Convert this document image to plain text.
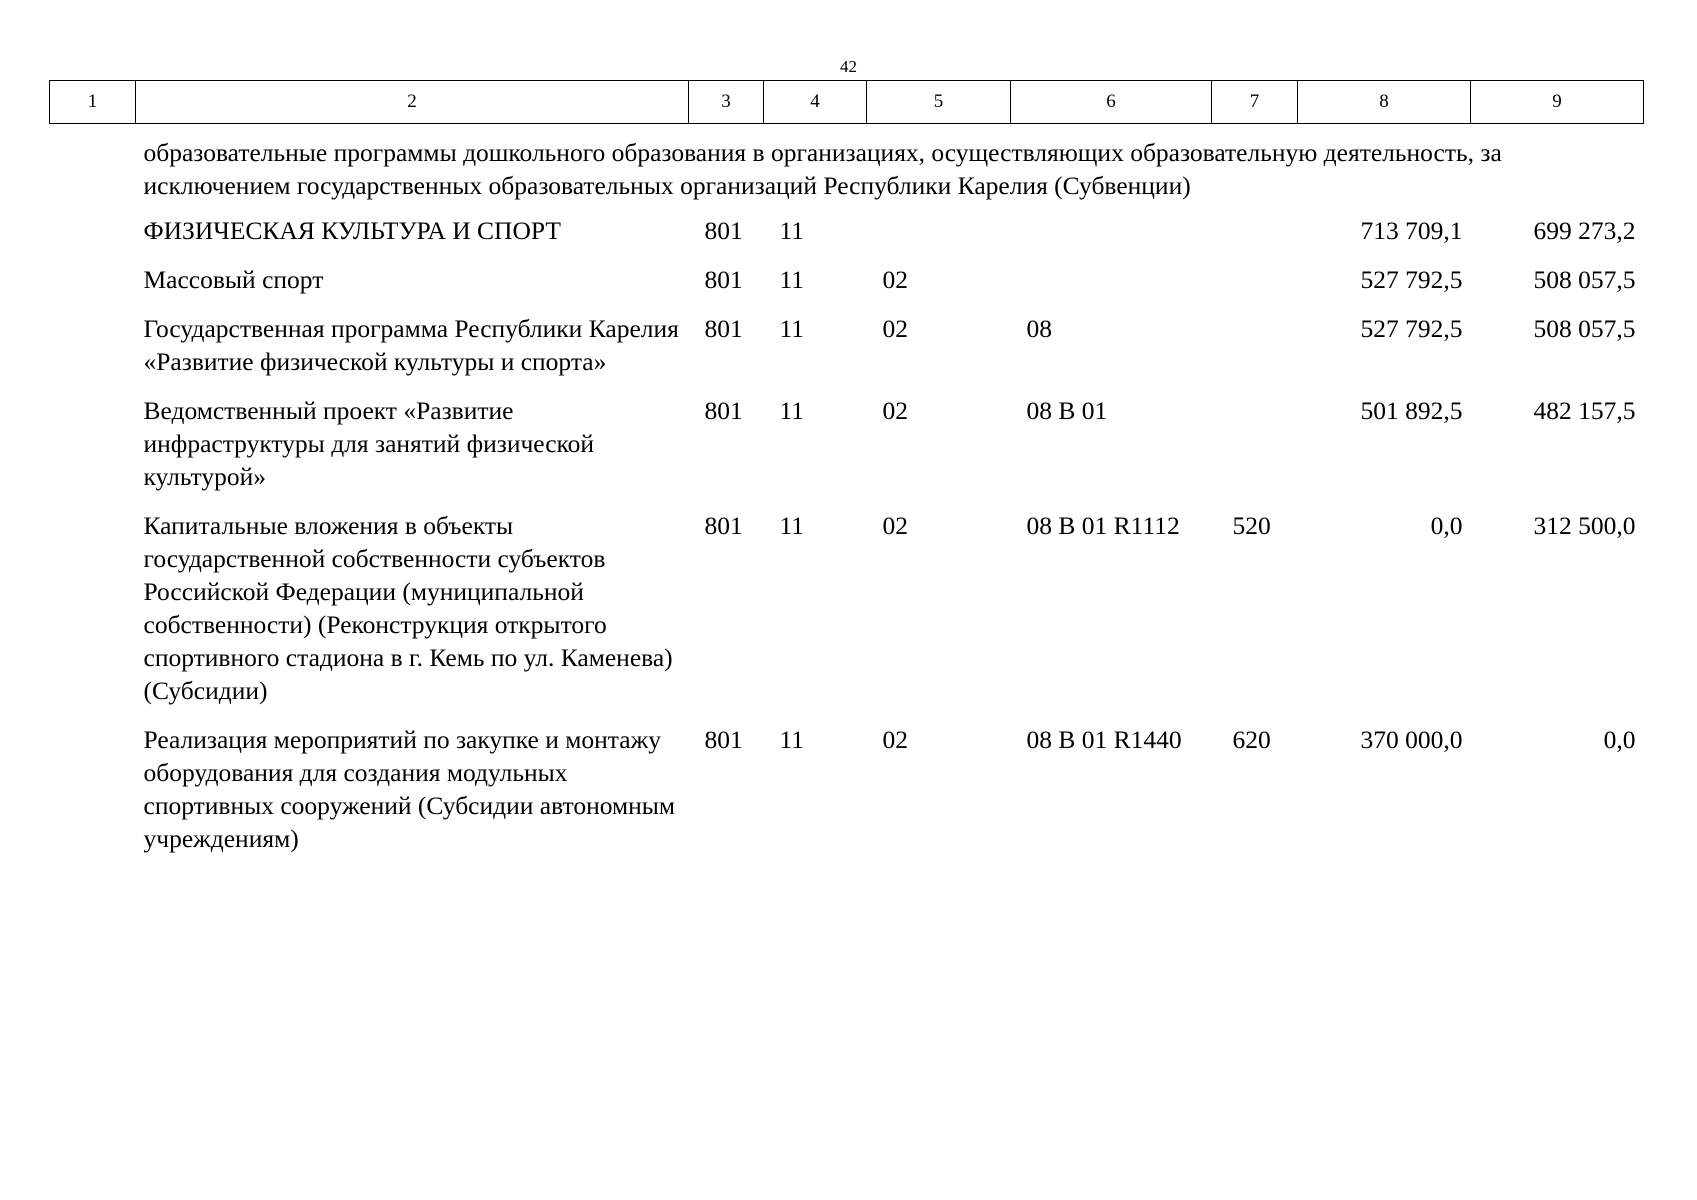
42
1	2	3	4	5	6	7	8	9
	образовательные программы дошкольного образования в организациях, осуществляющих образовательную деятельность, за исключением государственных образовательных организаций Республики Карелия (Субвенции)							
	ФИЗИЧЕСКАЯ КУЛЬТУРА И СПОРТ	801	11				713 709,1	699 273,2
	Массовый спорт	801	11	02			527 792,5	508 057,5
	Государственная программа Республики Карелия «Развитие физической культуры и спорта»	801	11	02	08		527 792,5	508 057,5
	Ведомственный проект «Развитие инфраструктуры для занятий физической культурой»	801	11	02	08 В 01		501 892,5	482 157,5
	Капитальные вложения в объекты государственной собственности субъектов Российской Федерации (муниципальной собственности) (Реконструкция открытого спортивного стадиона в г. Кемь по ул. Каменева) (Субсидии)	801	11	02	08 В 01 R1112	520	0,0	312 500,0
	Реализация мероприятий по закупке и монтажу оборудования для создания модульных спортивных сооружений (Субсидии автономным учреждениям)	801	11	02	08 В 01 R1440	620	370 000,0	0,0
